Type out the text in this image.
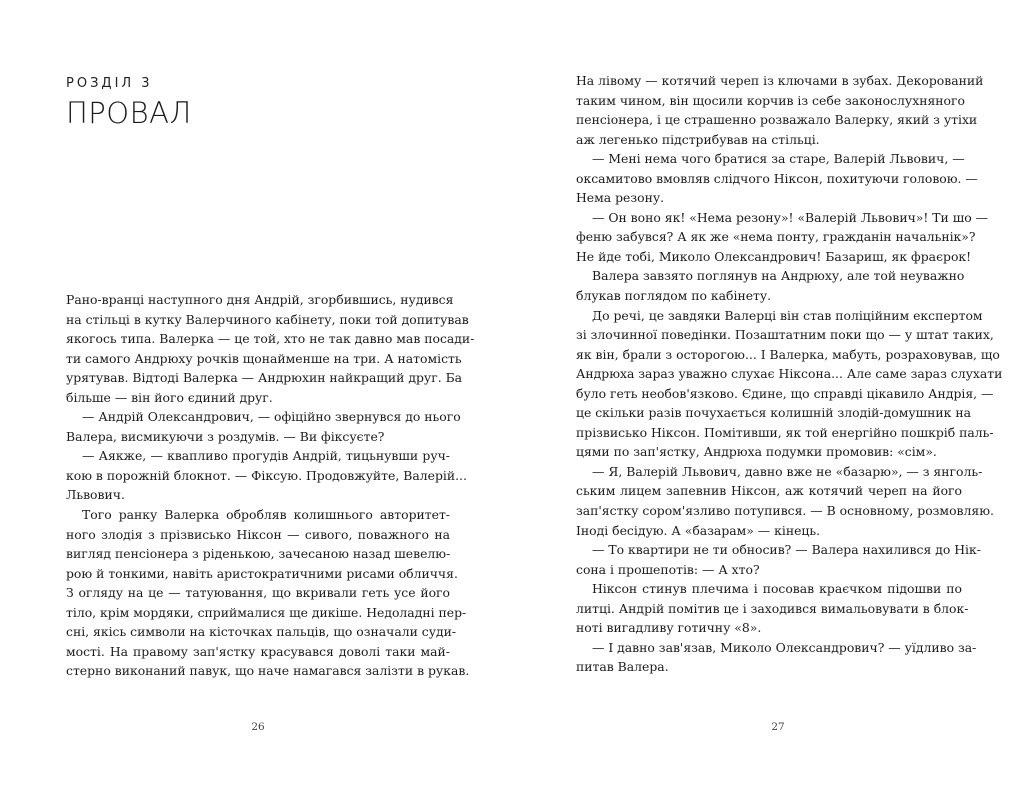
РОЗДІЛ 3
ПРОВАЛ
Рано-вранці наступного дня Андрій, згорбившись, нудився
на стільці в кутку Валерчиного кабінету, поки той допитував
якогось типа. Валерка — це той, хто не так давно мав посади-
ти самого Андрюху рочків щонайменше на три. А натомість
урятував. Відтоді Валерка — Андрюхин найкращий друг. Ба
більше — він його єдиний друг.
— Андрій Олександрович, — офіційно звернувся до нього
Валера, висмикуючи з роздумів. — Ви фіксуєте?
— Аякже, — квапливо прогудів Андрій, тицьнувши руч-
кою в порожній блокнот. — Фіксую. Продовжуйте, Валерій...
Львович.
Того ранку Валерка обробляв колишнього авторитет-
ного злодія з прізвисько Ніксон — сивого, поважного на
вигляд пенсіонера з ріденькою, зачесаною назад шевелю-
рою й тонкими, навіть аристократичними рисами обличчя.
З огляду на це — татуювання, що вкривали геть усе його
тіло, крім мордяки, сприймалися ще дикіше. Недоладні пер-
сні, якісь символи на кісточках пальців, що означали суди-
мості. На правому зап'ястку красувався доволі таки май-
стерно виконаний павук, що наче намагався залізти в рукав.
26
На лівому — котячий череп із ключами в зубах. Декорований
таким чином, він щосили корчив із себе законослухняного
пенсіонера, і це страшенно розважало Валерку, який з утіхи
аж легенько підстрибував на стільці.
— Мені нема чого братися за старе, Валерій Львович, —
оксамитово вмовляв слідчого Ніксон, похитуючи головою. —
Нема резону.
— Он воно як! «Нема резону»! «Валерій Львович»! Ти шо —
феню забувся? А як же «нема понту, гражданін начальнік»?
Не йде тобі, Миколо Олександрович! Базариш, як фраєрок!
Валера завзято поглянув на Андрюху, але той неуважно
блукав поглядом по кабінету.
До речі, це завдяки Валерці він став поліційним експертом
зі злочинної поведінки. Позаштатним поки що — у штат таких,
як він, брали з осторогою... І Валерка, мабуть, розраховував, що
Андрюха зараз уважно слухає Ніксона... Але саме зараз слухати
було геть необов'язково. Єдине, що справді цікавило Андрія, —
це скільки разів почухається колишній злодій-домушник на
прізвисько Ніксон. Помітивши, як той енергійно пошкріб паль-
цями по зап'ястку, Андрюха подумки промовив: «сім».
— Я, Валерій Львович, давно вже не «базарю», — з янголь-
ським лицем запевнив Ніксон, аж котячий череп на його
зап'ястку сором'язливо потупився. — В основному, розмовляю.
Іноді бесідую. А «базарам» — кінець.
— То квартири не ти обносив? — Валера нахилився до Нік-
сона і прошепотів: — А хто?
Ніксон стинув плечима і посовав краєчком підошви по
литці. Андрій помітив це і заходився вимальовувати в блок-
ноті вигадливу готичну «8».
— І давно зав'язав, Миколо Олександрович? — уїдливо за-
питав Валера.
27
